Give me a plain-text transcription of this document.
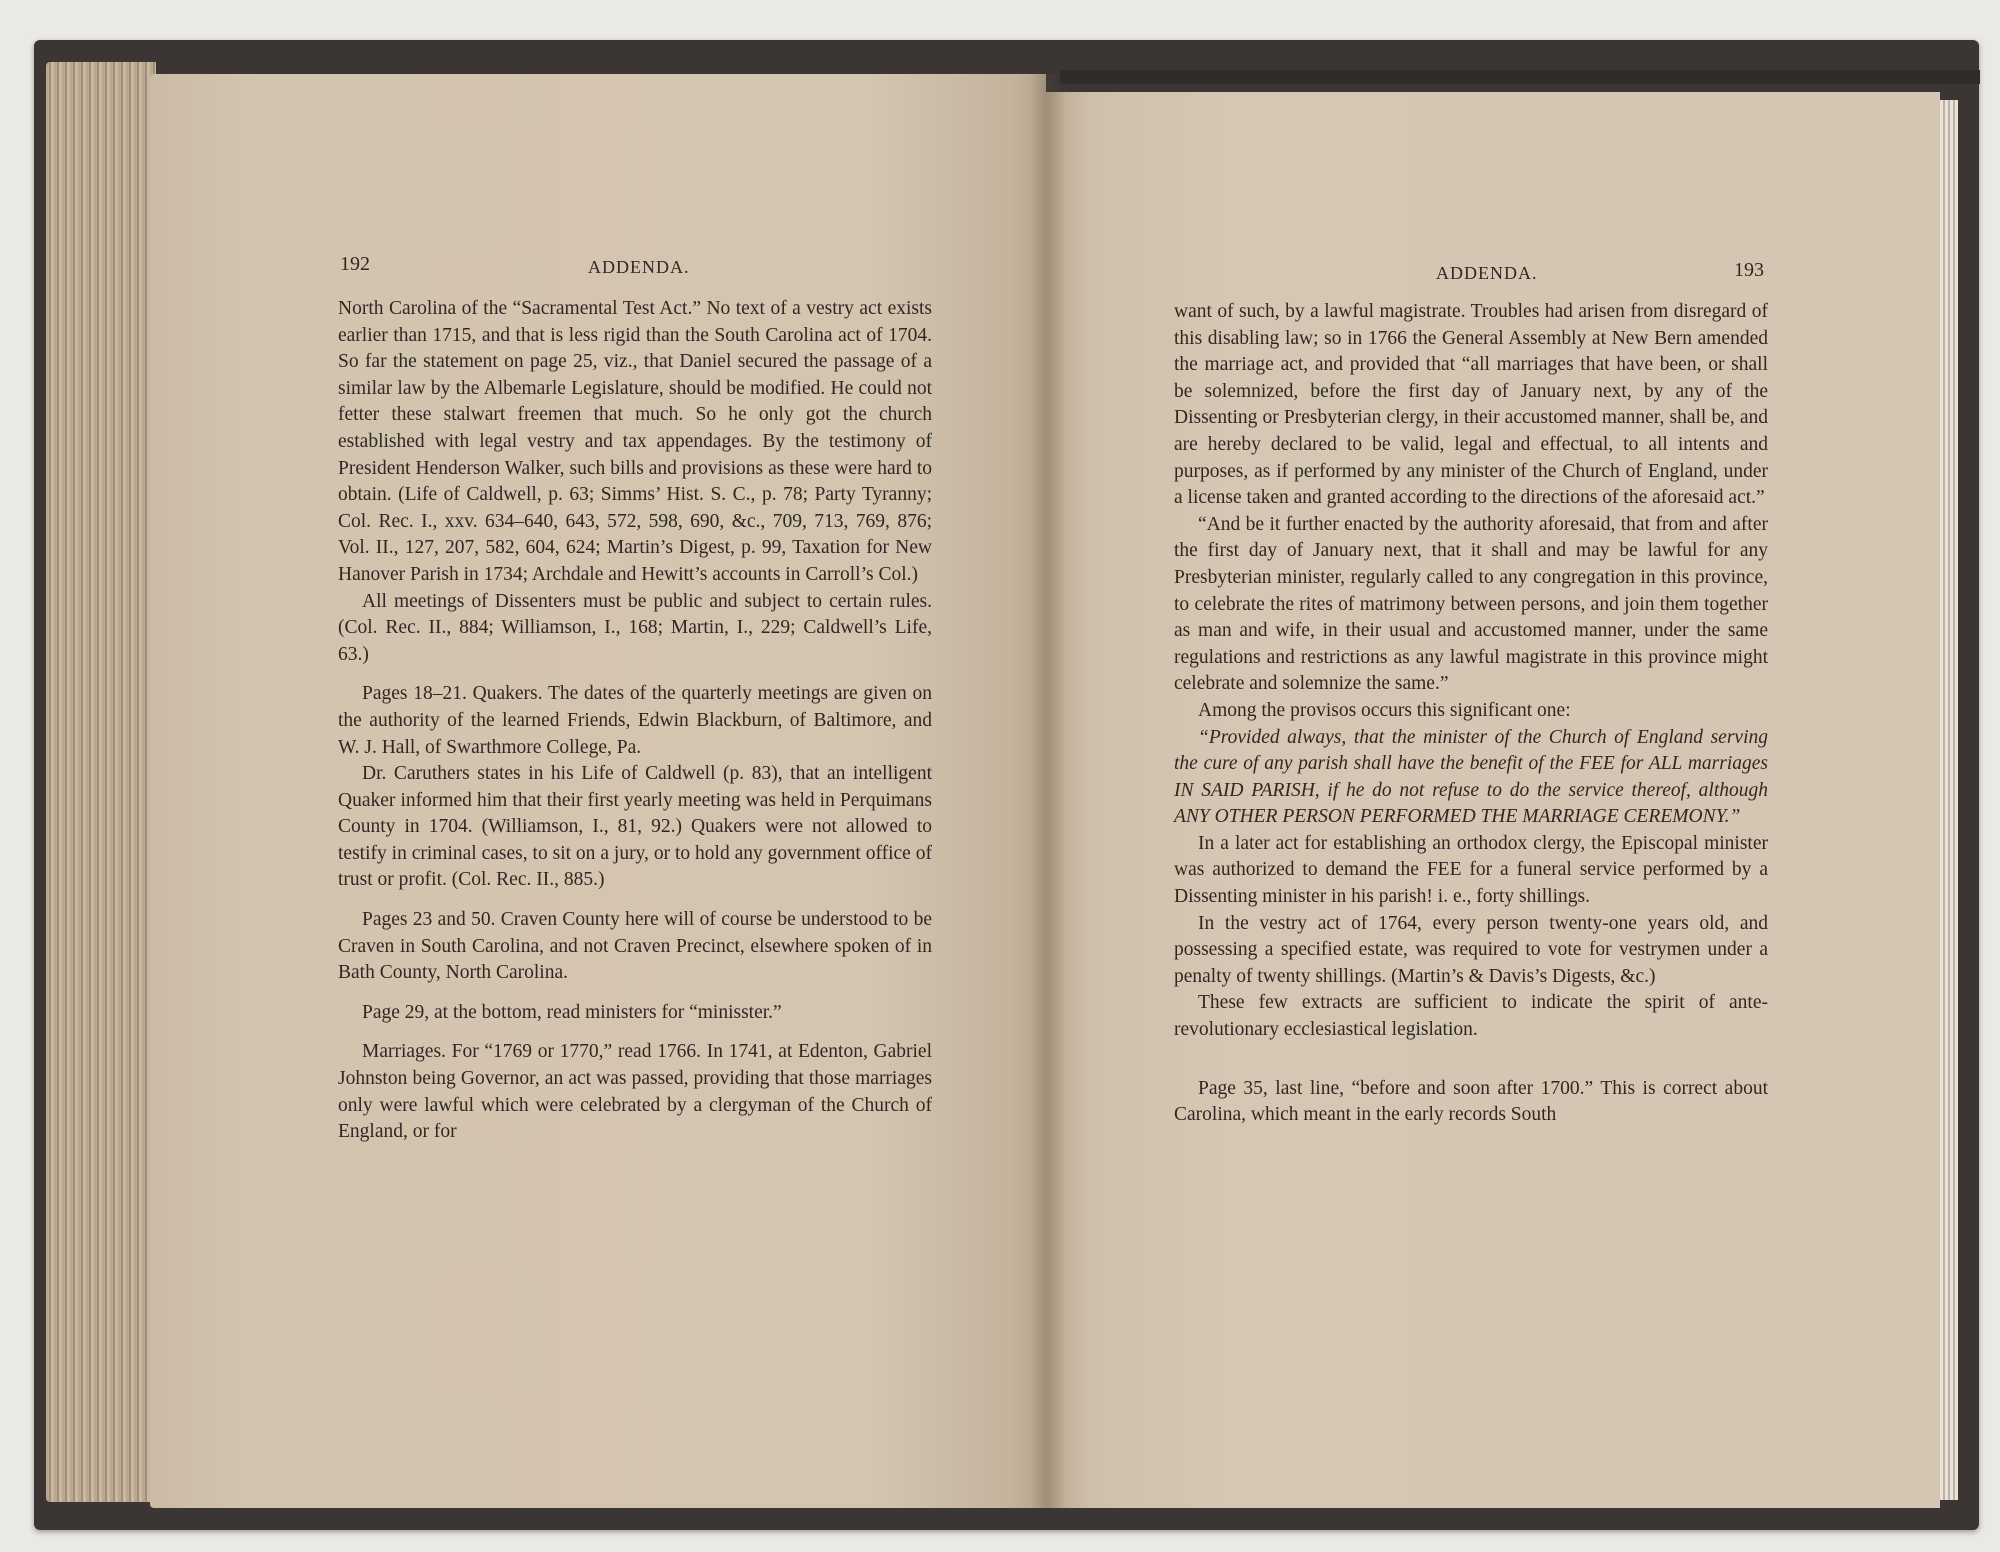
192	ADDENDA.

North Carolina of the “Sacramental Test Act.” No text of a vestry act exists earlier than 1715, and that is less rigid than the South Carolina act of 1704. So far the statement on page 25, viz., that Daniel secured the passage of a similar law by the Albemarle Legislature, should be modified. He could not fetter these stalwart freemen that much. So he only got the church established with legal vestry and tax appendages. By the testimony of President Henderson Walker, such bills and provisions as these were hard to obtain. (Life of Caldwell, p. 63; Simms’ Hist. S. C., p. 78; Party Tyranny; Col. Rec. I., xxv. 634–640, 643, 572, 598, 690, &c., 709, 713, 769, 876; Vol. II., 127, 207, 582, 604, 624; Martin’s Digest, p. 99, Taxation for New Hanover Parish in 1734; Archdale and Hewitt’s accounts in Carroll’s Col.)

All meetings of Dissenters must be public and subject to certain rules. (Col. Rec. II., 884; Williamson, I., 168; Martin, I., 229; Caldwell’s Life, 63.)

Pages 18–21. Quakers. The dates of the quarterly meetings are given on the authority of the learned Friends, Edwin Blackburn, of Baltimore, and W. J. Hall, of Swarthmore College, Pa.

Dr. Caruthers states in his Life of Caldwell (p. 83), that an intelligent Quaker informed him that their first yearly meeting was held in Perquimans County in 1704. (Williamson, I., 81, 92.) Quakers were not allowed to testify in criminal cases, to sit on a jury, or to hold any government office of trust or profit. (Col. Rec. II., 885.)

Pages 23 and 50. Craven County here will of course be understood to be Craven in South Carolina, and not Craven Precinct, elsewhere spoken of in Bath County, North Carolina.

Page 29, at the bottom, read ministers for “minisster.”

Marriages. For “1769 or 1770,” read 1766. In 1741, at Edenton, Gabriel Johnston being Governor, an act was passed, providing that those marriages only were lawful which were celebrated by a clergyman of the Church of England, or for

ADDENDA.	193

want of such, by a lawful magistrate. Troubles had arisen from disregard of this disabling law; so in 1766 the General Assembly at New Bern amended the marriage act, and provided that “all marriages that have been, or shall be solemnized, before the first day of January next, by any of the Dissenting or Presbyterian clergy, in their accustomed manner, shall be, and are hereby declared to be valid, legal and effectual, to all intents and purposes, as if performed by any minister of the Church of England, under a license taken and granted according to the directions of the aforesaid act.”

“And be it further enacted by the authority aforesaid, that from and after the first day of January next, that it shall and may be lawful for any Presbyterian minister, regularly called to any congregation in this province, to celebrate the rites of matrimony between persons, and join them together as man and wife, in their usual and accustomed manner, under the same regulations and restrictions as any lawful magistrate in this province might celebrate and solemnize the same.”

Among the provisos occurs this significant one:

“Provided always, that the minister of the Church of England serving the cure of any parish shall have the benefit of the FEE for ALL marriages IN SAID PARISH, if he do not refuse to do the service thereof, although ANY OTHER PERSON PERFORMED THE MARRIAGE CEREMONY.”

In a later act for establishing an orthodox clergy, the Episcopal minister was authorized to demand the FEE for a funeral service performed by a Dissenting minister in his parish! i. e., forty shillings.

In the vestry act of 1764, every person twenty-one years old, and possessing a specified estate, was required to vote for vestrymen under a penalty of twenty shillings. (Martin’s & Davis’s Digests, &c.)

These few extracts are sufficient to indicate the spirit of ante-revolutionary ecclesiastical legislation.

Page 35, last line, “before and soon after 1700.” This is correct about Carolina, which meant in the early records South
